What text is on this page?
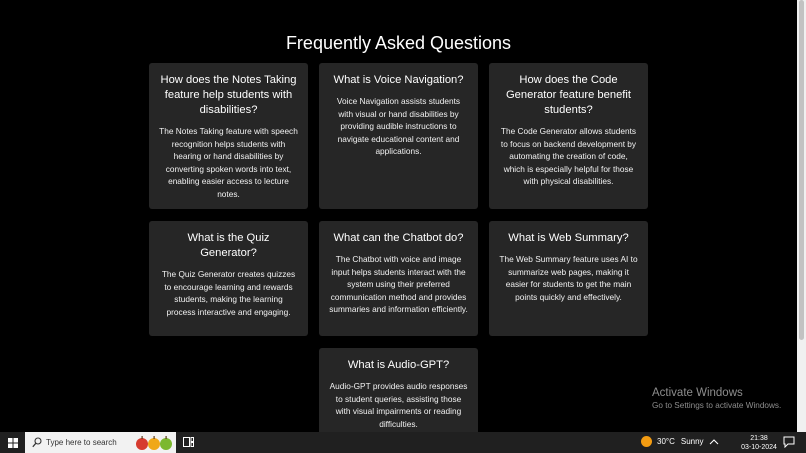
Frequently Asked Questions
How does the Notes Taking feature help students with disabilities?

The Notes Taking feature with speech recognition helps students with hearing or hand disabilities by converting spoken words into text, enabling easier access to lecture notes.

What is Voice Navigation?

Voice Navigation assists students with visual or hand disabilities by providing audible instructions to navigate educational content and applications.

How does the Code Generator feature benefit students?

The Code Generator allows students to focus on backend development by automating the creation of code, which is especially helpful for those with physical disabilities.

What is the Quiz Generator?

The Quiz Generator creates quizzes to encourage learning and rewards students, making the learning process interactive and engaging.

What can the Chatbot do?

The Chatbot with voice and image input helps students interact with the system using their preferred communication method and provides summaries and information efficiently.

What is Web Summary?

The Web Summary feature uses AI to summarize web pages, making it easier for students to get the main points quickly and effectively.

What is Audio-GPT?

Audio-GPT provides audio responses to student queries, assisting those with visual impairments or reading difficulties.

Activate Windows
Go to Settings to activate Windows.
Type here to search	30°C Sunny	21:38
03-10-2024
